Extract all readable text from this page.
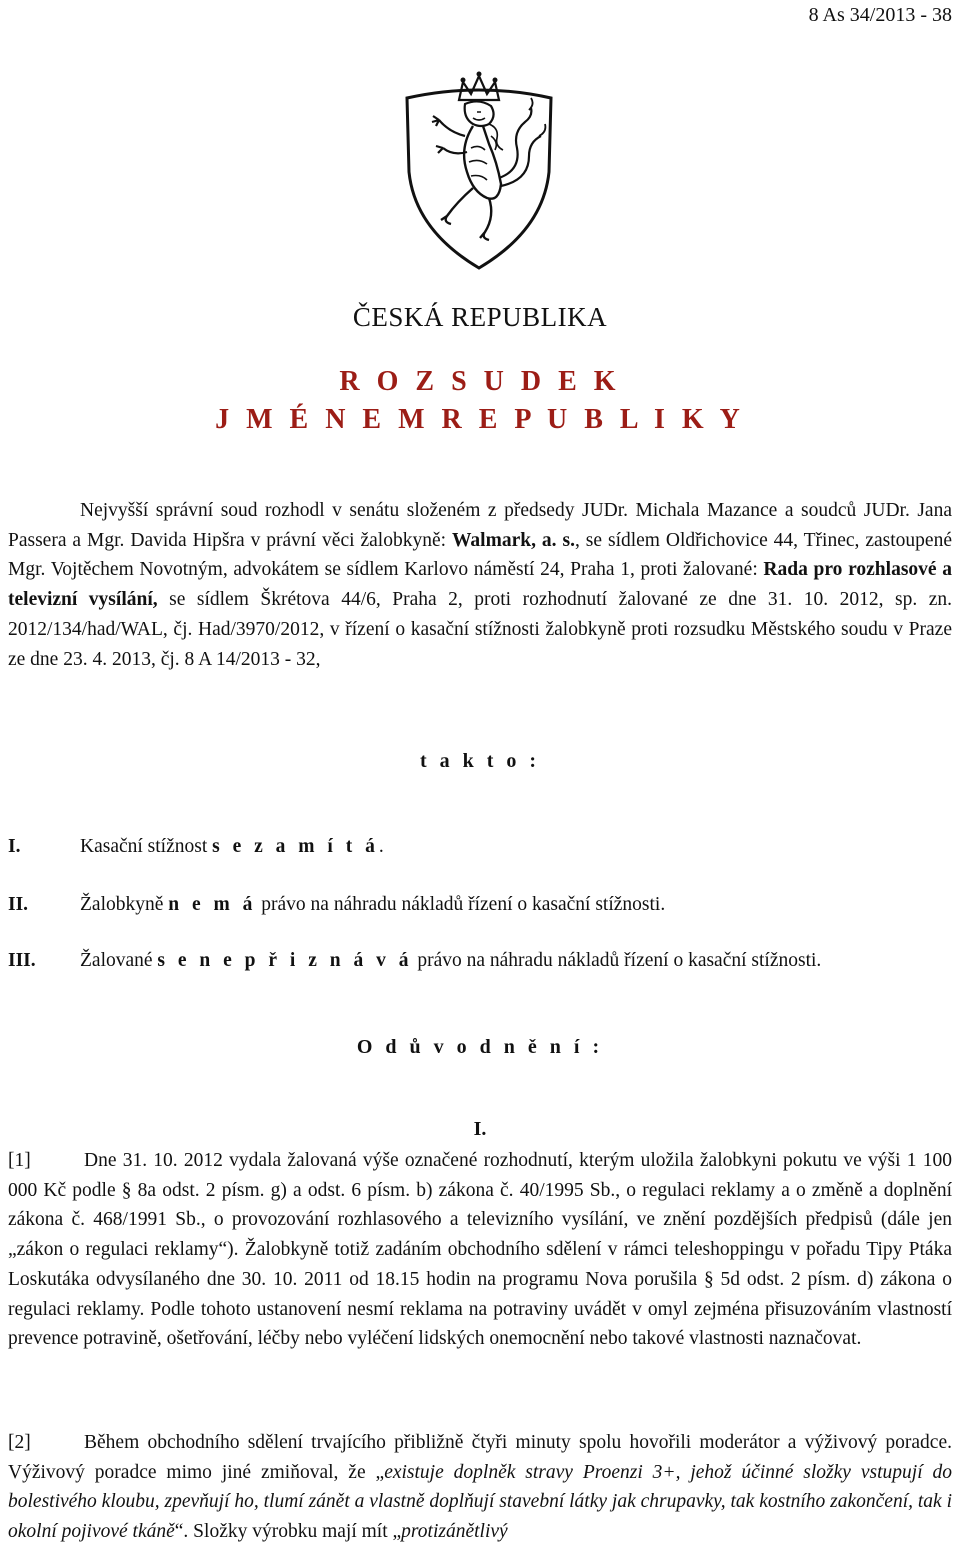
8 As 34/2013 - 38
ČESKÁ REPUBLIKA
R O Z S U D E K
J M É N E M R E P U B L I K Y
Nejvyšší správní soud rozhodl v senátu složeném z předsedy JUDr. Michala Mazance a soudců JUDr. Jana Passera a Mgr. Davida Hipšra v právní věci žalobkyně: Walmark, a. s., se sídlem Oldřichovice 44, Třinec, zastoupené Mgr. Vojtěchem Novotným, advokátem se sídlem Karlovo náměstí 24, Praha 1, proti žalované: Rada pro rozhlasové a televizní vysílání, se sídlem Škrétova 44/6, Praha 2, proti rozhodnutí žalované ze dne 31. 10. 2012, sp. zn. 2012/134/had/WAL, čj. Had/3970/2012, v řízení o kasační stížnosti žalobkyně proti rozsudku Městského soudu v Praze ze dne 23. 4. 2013, čj. 8 A 14/2013 - 32,
t a k t o :
I.	Kasační stížnost s e z a m í t á.
II.	Žalobkyně n e m á právo na náhradu nákladů řízení o kasační stížnosti.
III. Žalované s e n e p ř i z n á v á právo na náhradu nákladů řízení o kasační stížnosti.
O d ů v o d n ě n í :
I.
[1]	Dne 31. 10. 2012 vydala žalovaná výše označené rozhodnutí, kterým uložila žalobkyni pokutu ve výši 1 100 000 Kč podle § 8a odst. 2 písm. g) a odst. 6 písm. b) zákona č. 40/1995 Sb., o regulaci reklamy a o změně a doplnění zákona č. 468/1991 Sb., o provozování rozhlasového a televizního vysílání, ve znění pozdějších předpisů (dále jen „zákon o regulaci reklamy“). Žalobkyně totiž zadáním obchodního sdělení v rámci teleshoppingu v pořadu Tipy Ptáka Loskutáka odvysílaného dne 30. 10. 2011 od 18.15 hodin na programu Nova porušila § 5d odst. 2 písm. d) zákona o regulaci reklamy. Podle tohoto ustanovení nesmí reklama na potraviny uvádět v omyl zejména přisuzováním vlastností prevence potravině, ošetřování, léčby nebo vyléčení lidských onemocnění nebo takové vlastnosti naznačovat.
[2]	Během obchodního sdělení trvajícího přibližně čtyři minuty spolu hovořili moderátor a výživový poradce. Výživový poradce mimo jiné zmiňoval, že „existuje doplněk stravy Proenzi 3+, jehož účinné složky vstupují do bolestivého kloubu, zpevňují ho, tlumí zánět a vlastně doplňují stavební látky jak chrupavky, tak kostního zakončení, tak i okolní pojivové tkáně“. Složky výrobku mají mít „protizánětlivý
